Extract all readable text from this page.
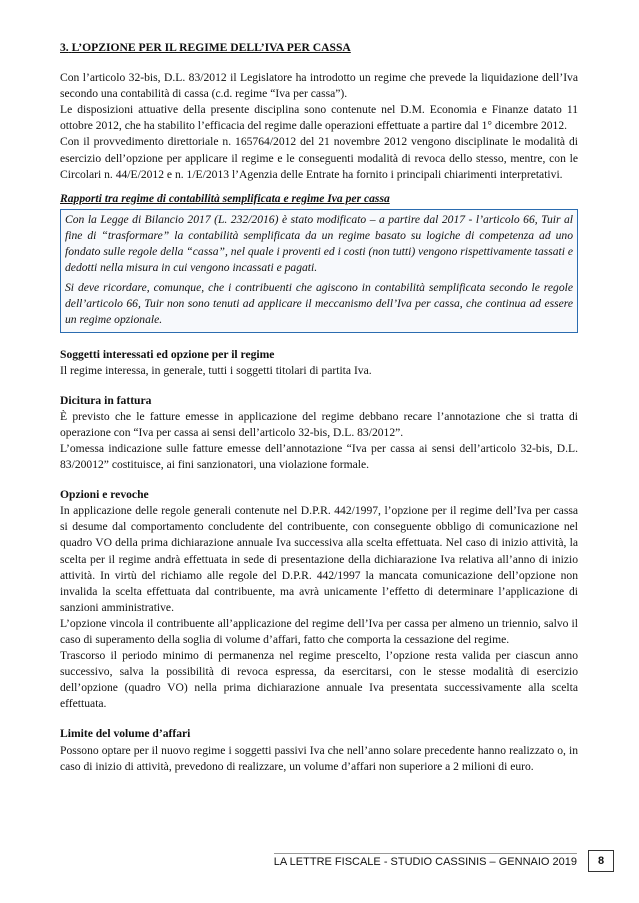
3. L’OPZIONE PER IL REGIME DELL’IVA PER CASSA

Con l’articolo 32-bis, D.L. 83/2012 il Legislatore ha introdotto un regime che prevede la liquidazione dell’Iva secondo una contabilità di cassa (c.d. regime “Iva per cassa”).

Le disposizioni attuative della presente disciplina sono contenute nel D.M. Economia e Finanze datato 11 ottobre 2012, che ha stabilito l’efficacia del regime dalle operazioni effettuate a partire dal 1° dicembre 2012.

Con il provvedimento direttoriale n. 165764/2012 del 21 novembre 2012 vengono disciplinate le modalità di esercizio dell’opzione per applicare il regime e le conseguenti modalità di revoca dello stesso, mentre, con le Circolari n. 44/E/2012 e n. 1/E/2013 l’Agenzia delle Entrate ha fornito i principali chiarimenti interpretativi.

Rapporti tra regime di contabilità semplificata e regime Iva per cassa

Con la Legge di Bilancio 2017 (L. 232/2016) è stato modificato – a partire dal 2017 - l’articolo 66, Tuir al fine di “trasformare” la contabilità semplificata da un regime basato su logiche di competenza ad uno fondato sulle regole della “cassa”, nel quale i proventi ed i costi (non tutti) vengono rispettivamente tassati e dedotti nella misura in cui vengono incassati e pagati.

Si deve ricordare, comunque, che i contribuenti che agiscono in contabilità semplificata secondo le regole dell’articolo 66, Tuir non sono tenuti ad applicare il meccanismo dell’Iva per cassa, che continua ad essere un regime opzionale.

Soggetti interessati ed opzione per il regime

Il regime interessa, in generale, tutti i soggetti titolari di partita Iva.

Dicitura in fattura

È previsto che le fatture emesse in applicazione del regime debbano recare l’annotazione che si tratta di operazione con “Iva per cassa ai sensi dell’articolo 32-bis, D.L. 83/2012”.

L’omessa indicazione sulle fatture emesse dell’annotazione “Iva per cassa ai sensi dell’articolo 32-bis, D.L. 83/20012” costituisce, ai fini sanzionatori, una violazione formale.

Opzioni e revoche

In applicazione delle regole generali contenute nel D.P.R. 442/1997, l’opzione per il regime dell’Iva per cassa si desume dal comportamento concludente del contribuente, con conseguente obbligo di comunicazione nel quadro VO della prima dichiarazione annuale Iva successiva alla scelta effettuata. Nel caso di inizio attività, la scelta per il regime andrà effettuata in sede di presentazione della dichiarazione Iva relativa all’anno di inizio attività. In virtù del richiamo alle regole del D.P.R. 442/1997 la mancata comunicazione dell’opzione non invalida la scelta effettuata dal contribuente, ma avrà unicamente l’effetto di determinare l’applicazione di sanzioni amministrative.

L’opzione vincola il contribuente all’applicazione del regime dell’Iva per cassa per almeno un triennio, salvo il caso di superamento della soglia di volume d’affari, fatto che comporta la cessazione del regime.

Trascorso il periodo minimo di permanenza nel regime prescelto, l’opzione resta valida per ciascun anno successivo, salva la possibilità di revoca espressa, da esercitarsi, con le stesse modalità di esercizio dell’opzione (quadro VO) nella prima dichiarazione annuale Iva presentata successivamente alla scelta effettuata.

Limite del volume d’affari

Possono optare per il nuovo regime i soggetti passivi Iva che nell’anno solare precedente hanno realizzato o, in caso di inizio di attività, prevedono di realizzare, un volume d’affari non superiore a 2 milioni di euro.

LA LETTRE FISCALE - STUDIO CASSINIS – GENNAIO 2019	8
